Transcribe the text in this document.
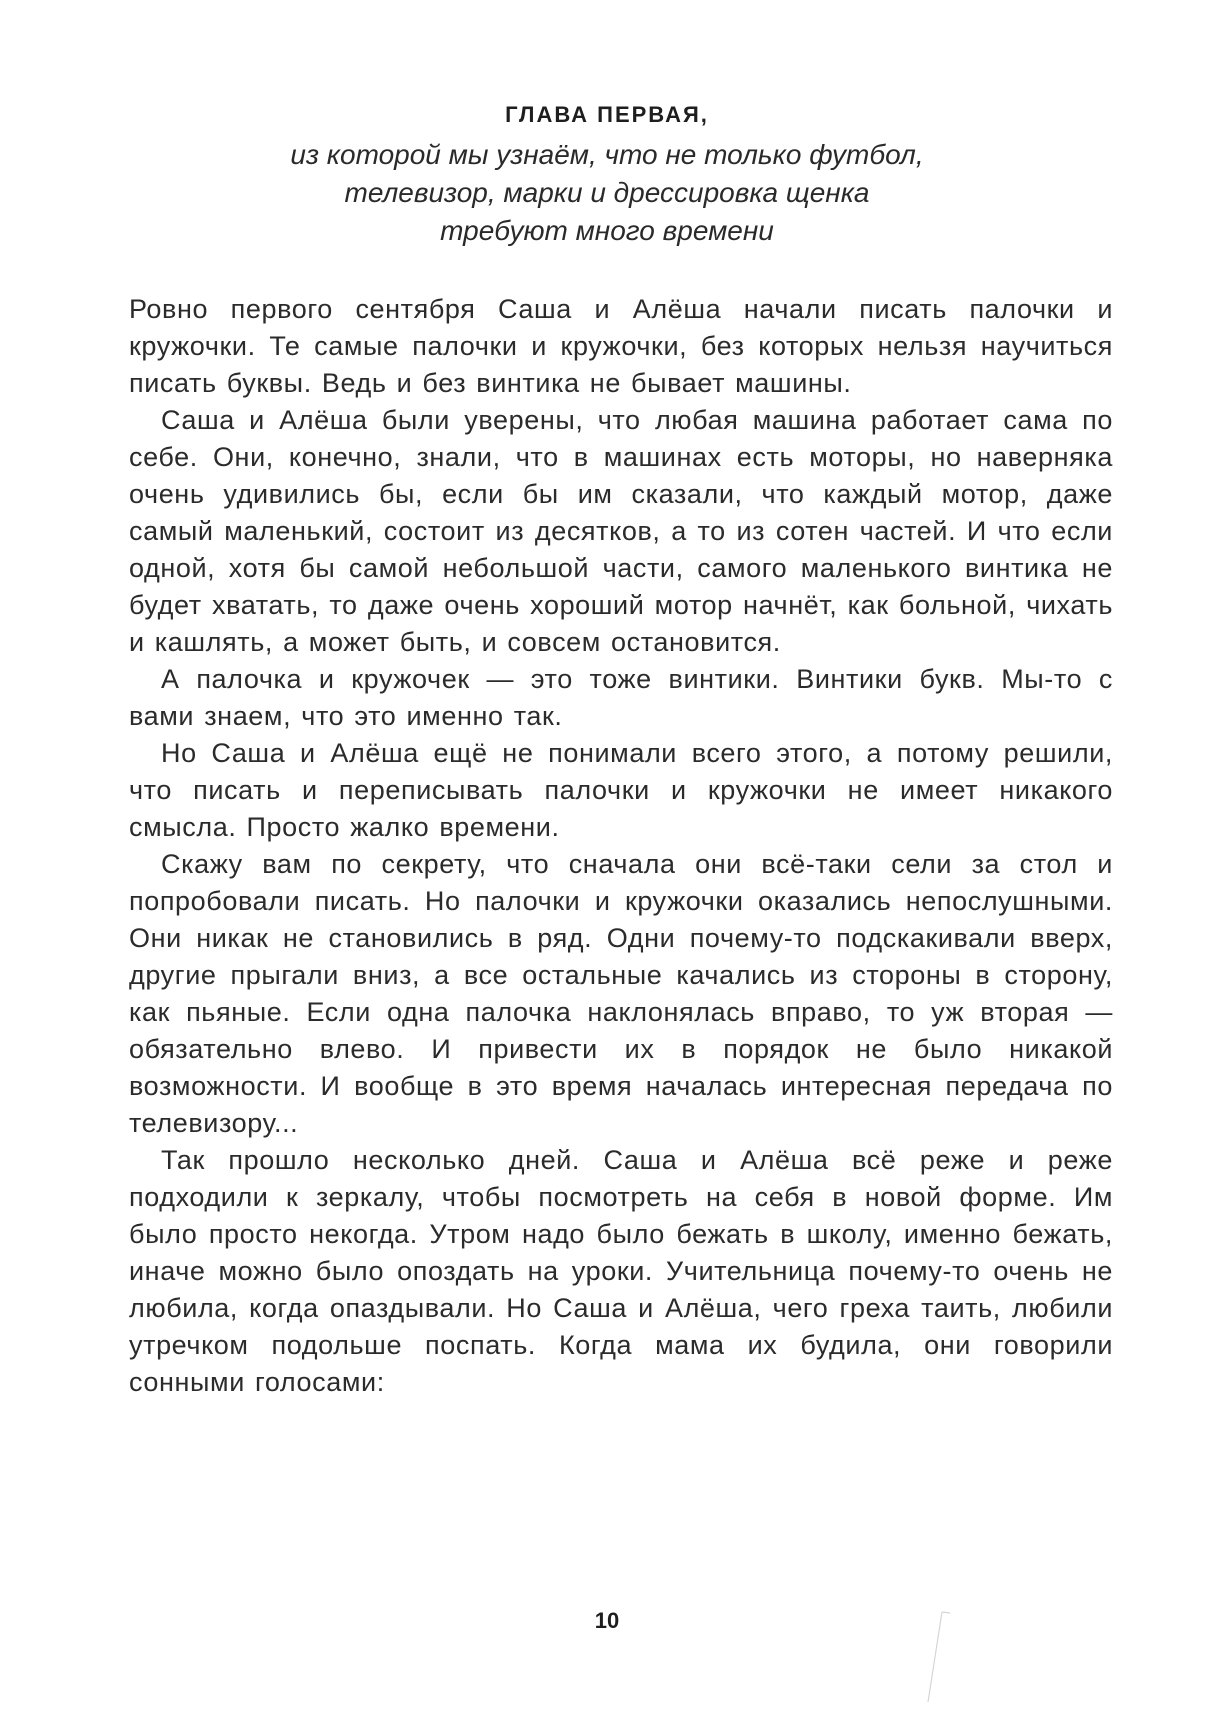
ГЛАВА ПЕРВАЯ,
из которой мы узнаём, что не только футбол,
телевизор, марки и дрессировка щенка
требуют много времени

Ровно первого сентября Саша и Алёша начали писать палочки и кружочки. Те самые палочки и кружочки, без которых нельзя научиться писать буквы. Ведь и без винтика не бывает машины.

Саша и Алёша были уверены, что любая машина работает сама по себе. Они, конечно, знали, что в машинах есть моторы, но наверняка очень удивились бы, если бы им сказали, что каждый мотор, даже самый маленький, состоит из десятков, а то из сотен частей. И что если одной, хотя бы самой небольшой части, самого маленького винтика не будет хватать, то даже очень хороший мотор начнёт, как больной, чихать и кашлять, а может быть, и совсем остановится.

А палочка и кружочек — это тоже винтики. Винтики букв. Мы-то с вами знаем, что это именно так.

Но Саша и Алёша ещё не понимали всего этого, а потому решили, что писать и переписывать палочки и кружочки не имеет никакого смысла. Просто жалко времени.

Скажу вам по секрету, что сначала они всё-таки сели за стол и попробовали писать. Но палочки и кружочки оказались непослушными. Они никак не становились в ряд. Одни почему-то подскакивали вверх, другие прыгали вниз, а все остальные качались из стороны в сторону, как пьяные. Если одна палочка наклонялась вправо, то уж вторая — обязательно влево. И привести их в порядок не было никакой возможности. И вообще в это время началась интересная передача по телевизору...

Так прошло несколько дней. Саша и Алёша всё реже и реже подходили к зеркалу, чтобы посмотреть на себя в новой форме. Им было просто некогда. Утром надо было бежать в школу, именно бежать, иначе можно было опоздать на уроки. Учительница почему-то очень не любила, когда опаздывали. Но Саша и Алёша, чего греха таить, любили утречком подольше поспать. Когда мама их будила, они говорили сонными голосами:

10
